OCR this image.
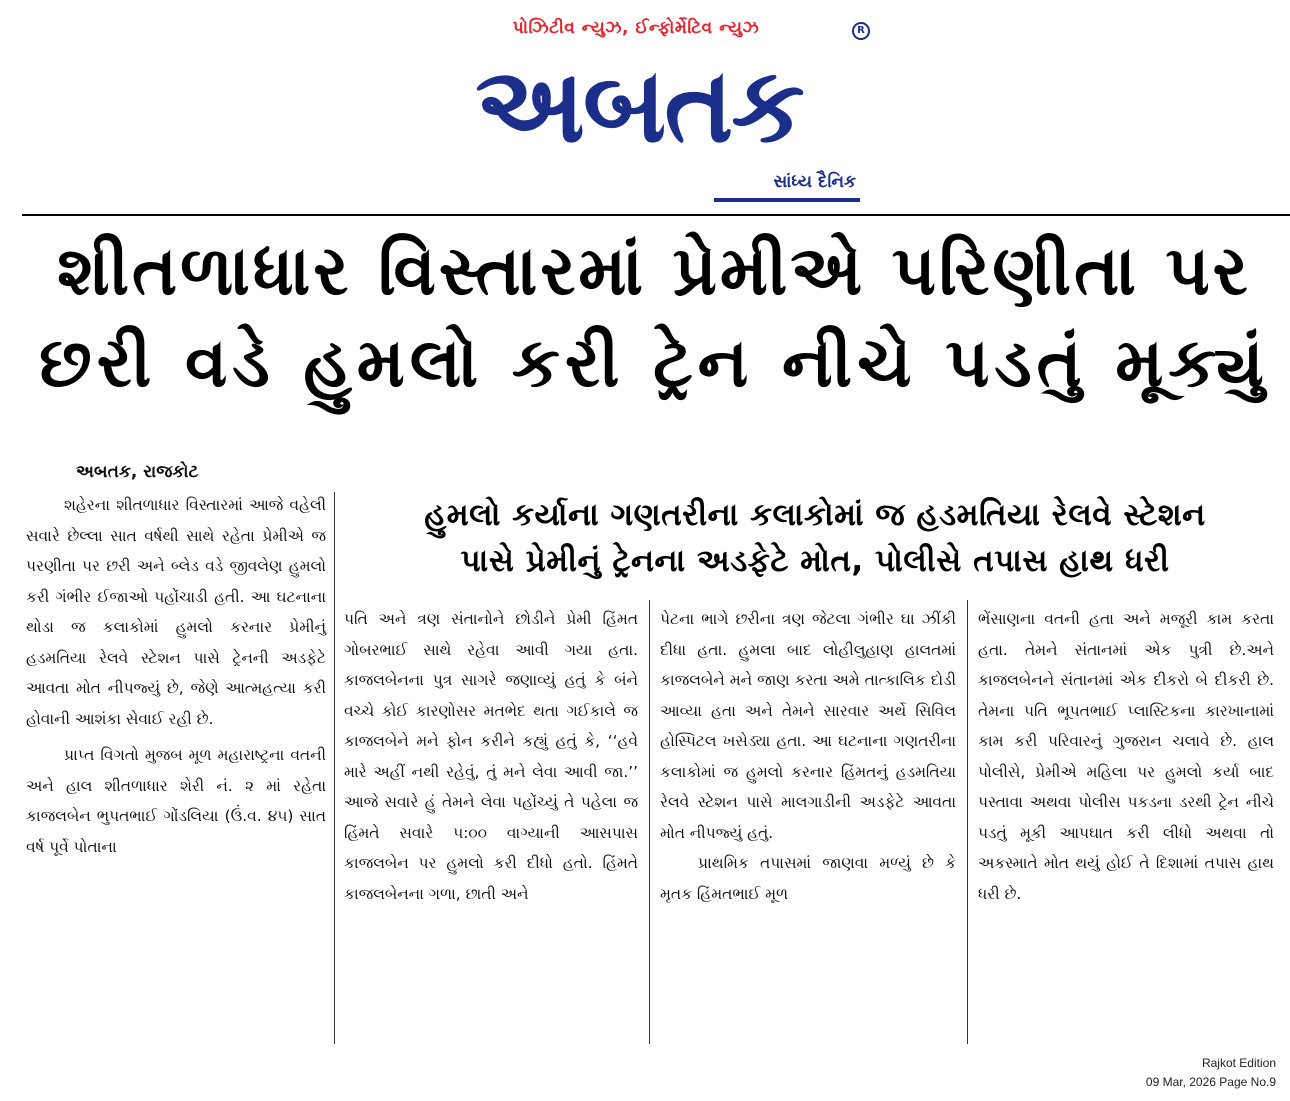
પોઝિટીવ ન્યુઝ, ઈન્ફોર્મેટિવ ન્યુઝ	R
અબતક
સાંધ્ય દૈનિક
શીતળાધાર વિસ્તારમાં પ્રેમીએ પરિણીતા પર
છરી વડે હુમલો કરી ટ્રેન નીચે પડતું મૂક્યું
અબતક, રાજકોટ

શહેરના શીતળાધાર વિસ્તારમાં આજે વહેલી સવારે છેલ્લા સાત વર્ષથી સાથે રહેતા પ્રેમીએ જ પરણીતા પર છરી અને બ્લેડ વડે જીવલેણ હુમલો કરી ગંભીર ઈજાઓ પહોંચાડી હતી. આ ઘટનાના થોડા જ કલાકોમાં હુમલો કરનાર પ્રેમીનું હડમતિયા રેલવે સ્ટેશન પાસે ટ્રેનની અડફેટે આવતા મોત નીપજ્યું છે, જેણે આત્મહત્યા કરી હોવાની આશંકા સેવાઈ રહી છે.

પ્રાપ્ત વિગતો મુજબ મૂળ મહારાષ્ટ્રના વતની અને હાલ શીતળાધાર શેરી નં. ૨ માં રહેતા કાજલબેન ભુપતભાઈ ગોંડલિયા (ઉં.વ. ૪૫) સાત વર્ષ પૂર્વે પોતાના

હુમલો કર્યાના ગણતરીના કલાકોમાં જ હડમતિયા રેલવે સ્ટેશન
પાસે પ્રેમીનું ટ્રેનના અડફેટે મોત, પોલીસે તપાસ હાથ ધરી

પતિ અને ત્રણ સંતાનોને છોડીને પ્રેમી હિંમત ગોબરભાઈ સાથે રહેવા આવી ગયા હતા. કાજલબેનના પુત્ર સાગરે જણાવ્યું હતું કે બંને વચ્ચે કોઈ કારણોસર મતભેદ થતા ગઈકાલે જ કાજલબેને મને ફોન કરીને કહ્યું હતું કે, ‘‘હવે મારે અહીં નથી રહેવું, તું મને લેવા આવી જા.’’ આજે સવારે હું તેમને લેવા પહોંચ્યું તે પહેલા જ હિંમતે સવારે ૫:૦૦ વાગ્યાની આસપાસ કાજલબેન પર હુમલો કરી દીધો હતો. હિંમતે કાજલબેનના ગળા, છાતી અને

પેટના ભાગે છરીના ત્રણ જેટલા ગંભીર ઘા ઝીંકી દીધા હતા. હુમલા બાદ લોહીલુહાણ હાલતમાં કાજલબેને મને જાણ કરતા અમે તાત્કાલિક દોડી આવ્યા હતા અને તેમને સારવાર અર્થે સિવિલ હોસ્પિટલ ખસેડ્યા હતા. આ ઘટનાના ગણતરીના કલાકોમાં જ હુમલો કરનાર હિંમતનું હડમતિયા રેલવે સ્ટેશન પાસે માલગાડીની અડફેટે આવતા મોત નીપજ્યું હતું.

પ્રાથમિક તપાસમાં જાણવા મળ્યું છે કે મૃતક હિંમતભાઈ મૂળ

ભેંસાણના વતની હતા અને મજૂરી કામ કરતા હતા. તેમને સંતાનમાં એક પુત્રી છે.અને કાજલબેનને સંતાનમાં એક દીકરો બે દીકરી છે. તેમના પતિ ભૂપતભાઈ પ્લાસ્ટિકના કારખાનામાં કામ કરી પરિવારનું ગુજરાન ચલાવે છે. હાલ પોલીસે, પ્રેમીએ મહિલા પર હુમલો કર્યા બાદ પસ્તાવા અથવા પોલીસ પકડના ડરથી ટ્રેન નીચે પડતું મૂકી આપઘાત કરી લીધો અથવા તો અકસ્માતે મોત થયું હોઈ તે દિશામાં તપાસ હાથ ધરી છે.

Rajkot Edition
09 Mar, 2026 Page No.9
